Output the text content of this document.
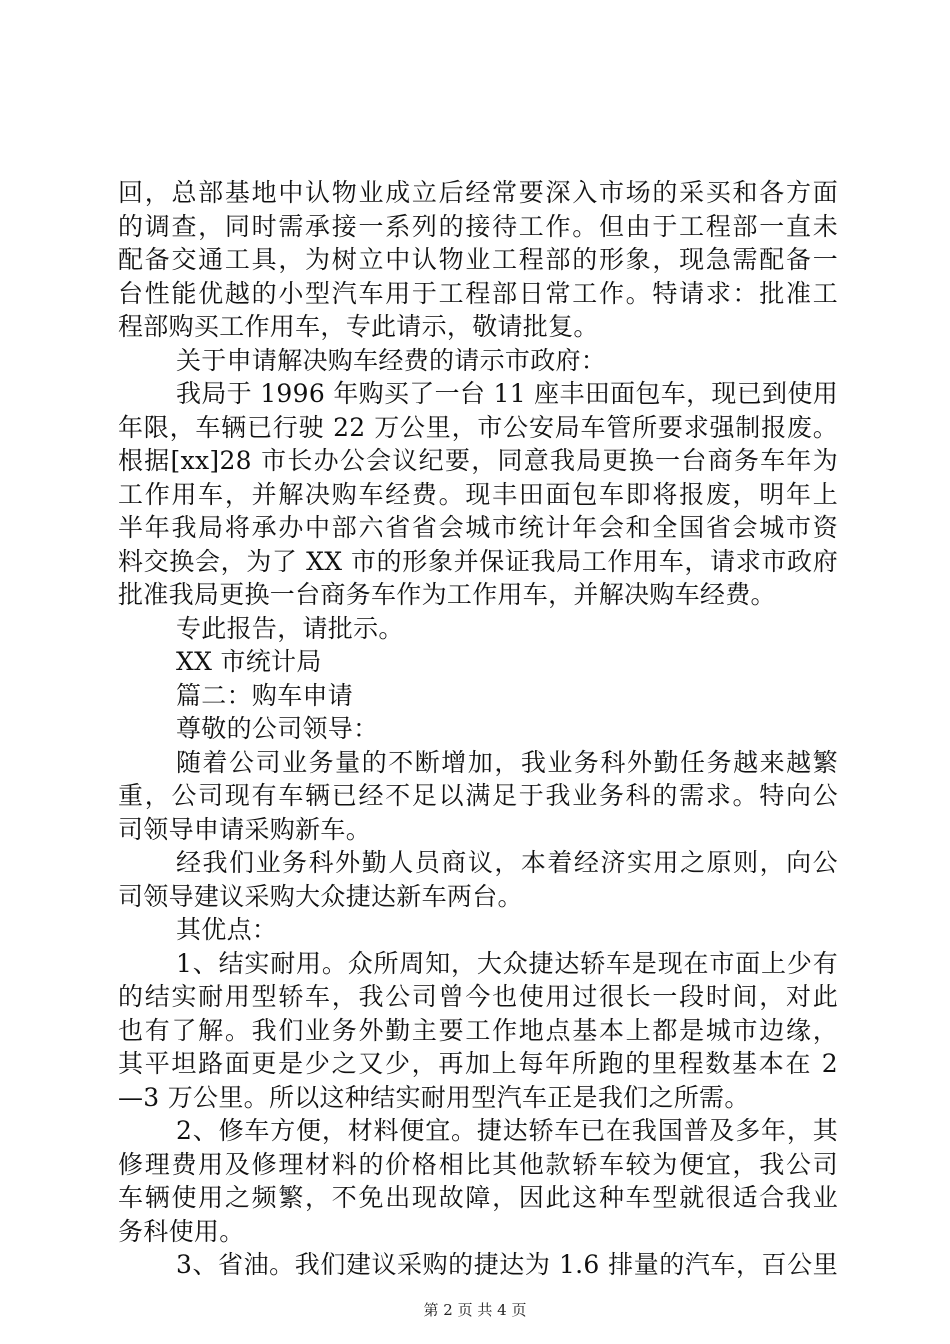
回，总部基地中认物业成立后经常要深入市场的采买和各方面
的调查，同时需承接一系列的接待工作。但由于工程部一直未
配备交通工具，为树立中认物业工程部的形象，现急需配备一
台性能优越的小型汽车用于工程部日常工作。特请求：批准工
程部购买工作用车，专此请示，敬请批复。
关于申请解决购车经费的请示市政府：
我局于 1996 年购买了一台 11 座丰田面包车，现已到使用
年限，车辆已行驶 22 万公里，市公安局车管所要求强制报废。
根据[xx]28 市长办公会议纪要，同意我局更换一台商务车年为
工作用车，并解决购车经费。现丰田面包车即将报废，明年上
半年我局将承办中部六省省会城市统计年会和全国省会城市资
料交换会，为了 XX 市的形象并保证我局工作用车，请求市政府
批准我局更换一台商务车作为工作用车，并解决购车经费。
专此报告，请批示。
XX 市统计局
篇二：购车申请
尊敬的公司领导：
随着公司业务量的不断增加，我业务科外勤任务越来越繁
重，公司现有车辆已经不足以满足于我业务科的需求。特向公
司领导申请采购新车。
经我们业务科外勤人员商议，本着经济实用之原则，向公
司领导建议采购大众捷达新车两台。
其优点：
1、结实耐用。众所周知，大众捷达轿车是现在市面上少有
的结实耐用型轿车，我公司曾今也使用过很长一段时间，对此
也有了解。我们业务外勤主要工作地点基本上都是城市边缘，
其平坦路面更是少之又少，再加上每年所跑的里程数基本在 2
—3 万公里。所以这种结实耐用型汽车正是我们之所需。
2、修车方便，材料便宜。捷达轿车已在我国普及多年，其
修理费用及修理材料的价格相比其他款轿车较为便宜，我公司
车辆使用之频繁，不免出现故障，因此这种车型就很适合我业
务科使用。
3、省油。我们建议采购的捷达为 1.6 排量的汽车，百公里
第 2 页 共 4 页
